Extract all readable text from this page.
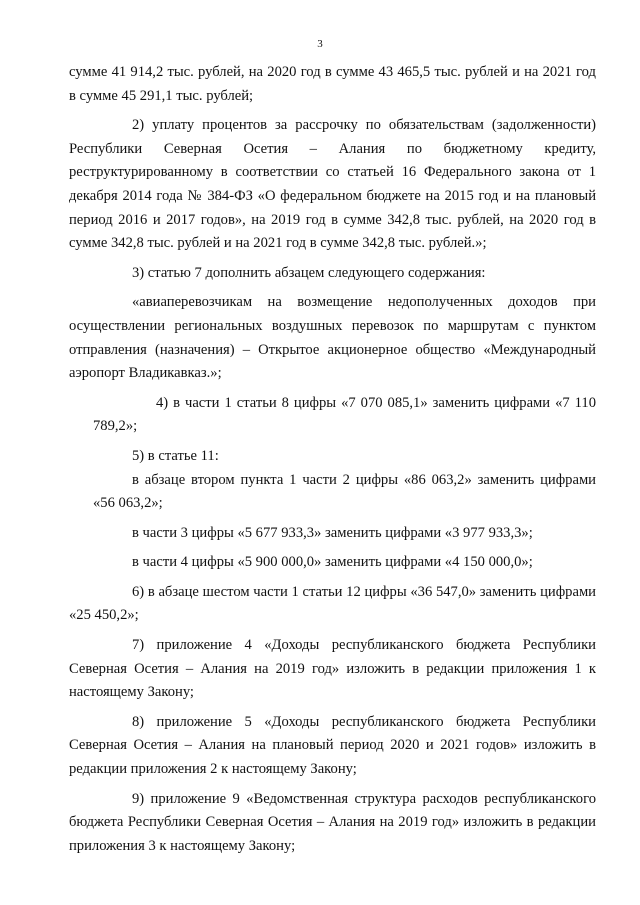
3

сумме 41 914,2 тыс. рублей, на 2020 год в сумме 43 465,5 тыс. рублей и на 2021 год в сумме 45 291,1 тыс. рублей;

2) уплату процентов за рассрочку по обязательствам (задолженности) Республики Северная Осетия – Алания по бюджетному кредиту, реструктурированному в соответствии со статьей 16 Федерального закона от 1 декабря 2014 года № 384-ФЗ «О федеральном бюджете на 2015 год и на плановый период 2016 и 2017 годов», на 2019 год в сумме 342,8 тыс. рублей, на 2020 год в сумме 342,8 тыс. рублей и на 2021 год в сумме 342,8 тыс. рублей.»;

3) статью 7 дополнить абзацем следующего содержания:

«авиаперевозчикам на возмещение недополученных доходов при осуществлении региональных воздушных перевозок по маршрутам с пунктом отправления (назначения) – Открытое акционерное общество «Международный аэропорт Владикавказ.»;

4) в части 1 статьи 8 цифры «7 070 085,1» заменить цифрами «7 110 789,2»;

5) в статье 11:

в абзаце втором пункта 1 части 2 цифры «86 063,2» заменить цифрами «56 063,2»;

в части 3 цифры «5 677 933,3» заменить цифрами «3 977 933,3»;

в части 4 цифры «5 900 000,0» заменить цифрами «4 150 000,0»;

6) в абзаце шестом части 1 статьи 12 цифры «36 547,0» заменить цифрами «25 450,2»;

7) приложение 4 «Доходы республиканского бюджета Республики Северная Осетия – Алания на 2019 год» изложить в редакции приложения 1 к настоящему Закону;

8) приложение 5 «Доходы республиканского бюджета Республики Северная Осетия – Алания на плановый период 2020 и 2021 годов» изложить в редакции приложения 2 к настоящему Закону;

9) приложение 9 «Ведомственная структура расходов республиканского бюджета Республики Северная Осетия – Алания на 2019 год» изложить в редакции приложения 3 к настоящему Закону;
